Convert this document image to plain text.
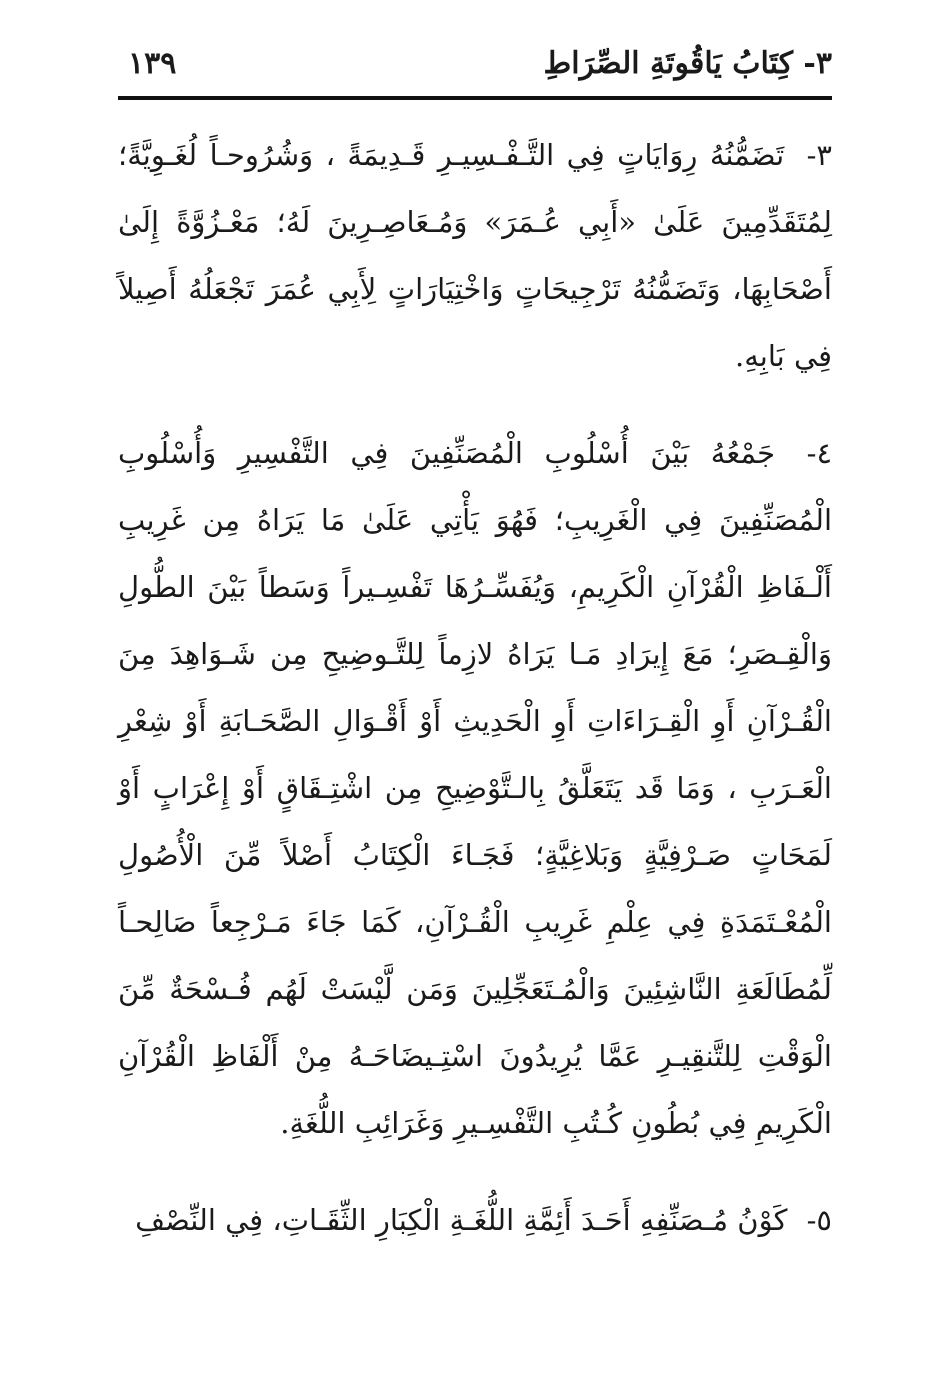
٣- كِتَابُ يَاقُوتَةِ الصِّرَاطِ
١٣٩

٣- تَضَمُّنُهُ رِوَايَاتٍ فِي التَّـفْـسِيـرِ قَـدِيمَةً ، وَشُرُوحـاً لُغَـوِيَّةً؛ لِمُتَقَدِّمِينَ عَلَىٰ «أَبِي عُـمَرَ» وَمُـعَاصِـرِينَ لَهُ؛ مَعْـزُوَّةً إِلَىٰ أَصْحَابِهَا، وَتَضَمُّنُهُ تَرْجِيحَاتٍ وَاخْتِيَارَاتٍ لِأَبِي عُمَرَ تَجْعَلُهُ أَصِيلاً فِي بَابِهِ.

٤- جَمْعُهُ بَيْنَ أُسْلُوبِ الْمُصَنِّفِينَ فِي التَّفْسِيرِ وَأُسْلُوبِ الْمُصَنِّفِينَ فِي الْغَرِيبِ؛ فَهُوَ يَأْتِي عَلَىٰ مَا يَرَاهُ مِن غَرِيبِ أَلْـفَاظِ الْقُرْآنِ الْكَرِيمِ، وَيُفَسِّـرُهَا تَفْسِـيراً وَسَطاً بَيْنَ الطُّولِ وَالْقِـصَرِ؛ مَعَ إِيرَادِ مَـا يَرَاهُ لازِماً لِلتَّـوضِيحِ مِن شَـوَاهِدَ مِنَ الْقُـرْآنِ أَوِ الْقِـرَاءَاتِ أَوِ الْحَدِيثِ أَوْ أَقْـوَالِ الصَّحَـابَةِ أَوْ شِعْرِ الْعَـرَبِ ، وَمَا قَد يَتَعَلَّقُ بِالـتَّوْضِيحِ مِن اشْتِـقَاقٍ أَوْ إِعْرَابٍ أَوْ لَمَحَاتٍ صَـرْفِيَّةٍ وَبَلاغِيَّةٍ؛ فَجَـاءَ الْكِتَابُ أَصْلاً مِّنَ الْأُصُولِ الْمُعْـتَمَدَةِ فِي عِلْمِ غَرِيبِ الْقُـرْآنِ، كَمَا جَاءَ مَـرْجِعاً صَالِحـاً لِّمُطَالَعَةِ النَّاشِئِينَ وَالْمُـتَعَجِّلِينَ وَمَن لَّيْسَتْ لَهُم فُـسْحَةٌ مِّنَ الْوَقْتِ لِلتَّنقِيـرِ عَمَّا يُرِيدُونَ اسْتِـيضَاحَـهُ مِنْ أَلْفَاظِ الْقُرْآنِ الْكَرِيمِ فِي بُطُونِ كُـتُبِ التَّفْسِـيرِ وَغَرَائِبِ اللُّغَةِ.

٥- كَوْنُ مُـصَنِّفِهِ أَحَـدَ أَئِمَّةِ اللُّغَـةِ الْكِبَارِ الثِّقَـاتِ، فِي النِّصْفِ
